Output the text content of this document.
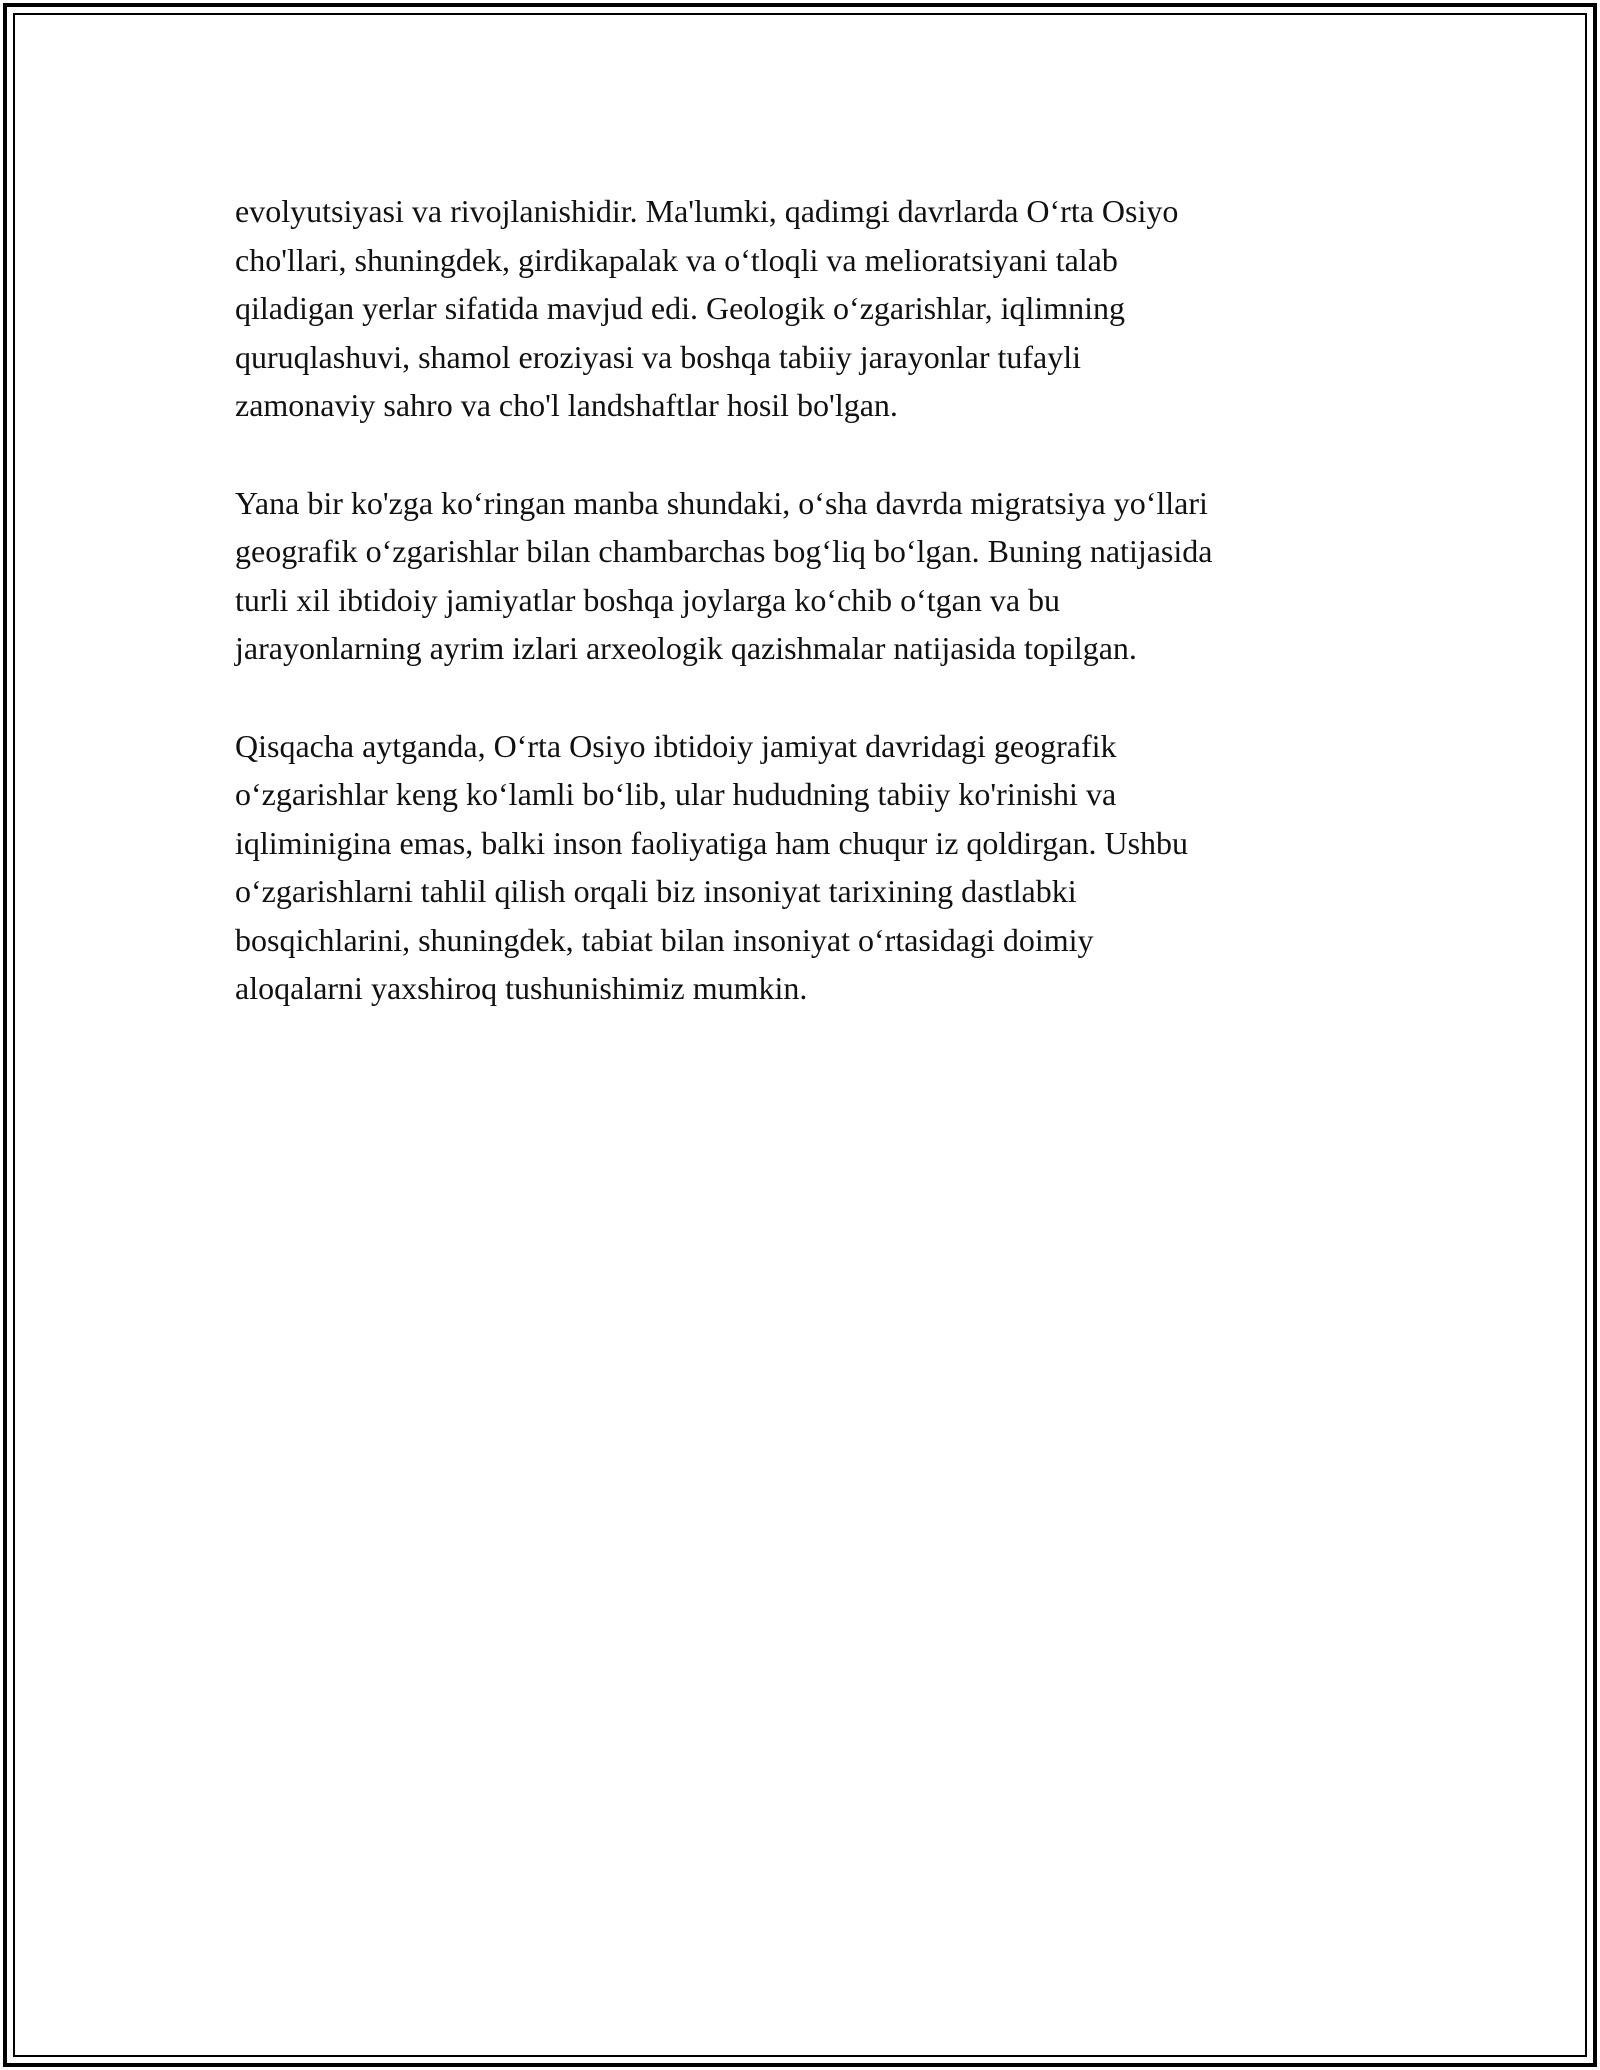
evolyutsiyasi va rivojlanishidir. Ma'lumki, qadimgi davrlarda O‘rta Osiyo
cho'llari, shuningdek, girdikapalak va o‘tloqli va melioratsiyani talab
qiladigan yerlar sifatida mavjud edi. Geologik o‘zgarishlar, iqlimning
quruqlashuvi, shamol eroziyasi va boshqa tabiiy jarayonlar tufayli
zamonaviy sahro va cho'l landshaftlar hosil bo'lgan.

Yana bir ko'zga ko‘ringan manba shundaki, o‘sha davrda migratsiya yo‘llari
geografik o‘zgarishlar bilan chambarchas bog‘liq bo‘lgan. Buning natijasida
turli xil ibtidoiy jamiyatlar boshqa joylarga ko‘chib o‘tgan va bu
jarayonlarning ayrim izlari arxeologik qazishmalar natijasida topilgan.

Qisqacha aytganda, O‘rta Osiyo ibtidoiy jamiyat davridagi geografik
o‘zgarishlar keng ko‘lamli bo‘lib, ular hududning tabiiy ko'rinishi va
iqliminigina emas, balki inson faoliyatiga ham chuqur iz qoldirgan. Ushbu
o‘zgarishlarni tahlil qilish orqali biz insoniyat tarixining dastlabki
bosqichlarini, shuningdek, tabiat bilan insoniyat o‘rtasidagi doimiy
aloqalarni yaxshiroq tushunishimiz mumkin.
